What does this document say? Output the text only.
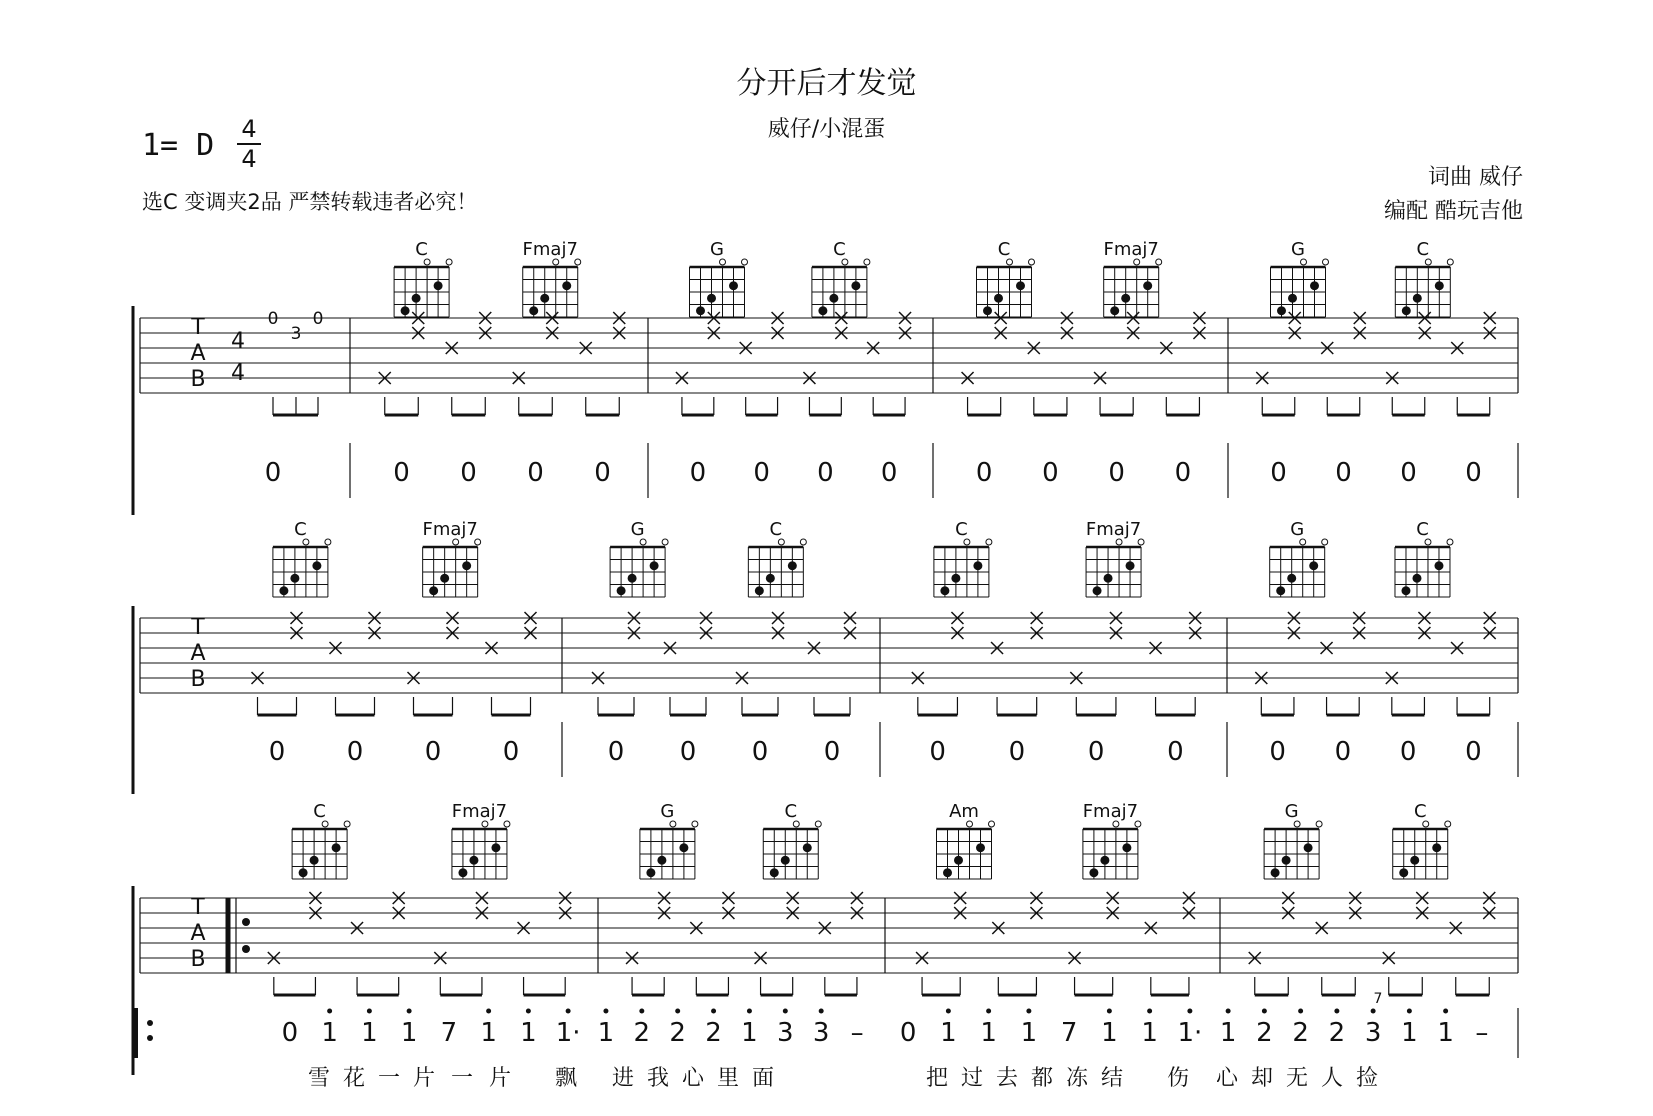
分开后才发觉
威仔/小混蛋
1= D 4
4
选C 变调夹2品 严禁转载违者必究！
词曲 威仔
编配 酷玩吉他
T
A
B
4
4
0
3
0
0
C	Fmaj7
0 0 0 0
G	C
0 0 0 0
C	Fmaj7
0 0 0 0
G	C
0 0 0 0
T
A
B
C	Fmaj7
0 0 0 0
G	C
0 0 0 0
C	Fmaj7
0 0 0 0
G	C
0 0 0 0
T
A
B
C	Fmaj7	G	C	Am	Fmaj7	G	C
0 1 1 1 7 1 1 1· 1 2 2 2 1 3 3 – 0 1 1 1 7 1 1 1· 1 2 2 2 3 1 1 –
7
雪 花 一 片 一 片 飘 进 我 心 里 面	把 过 去 都 冻 结 伤 心 却 无 人 捡
